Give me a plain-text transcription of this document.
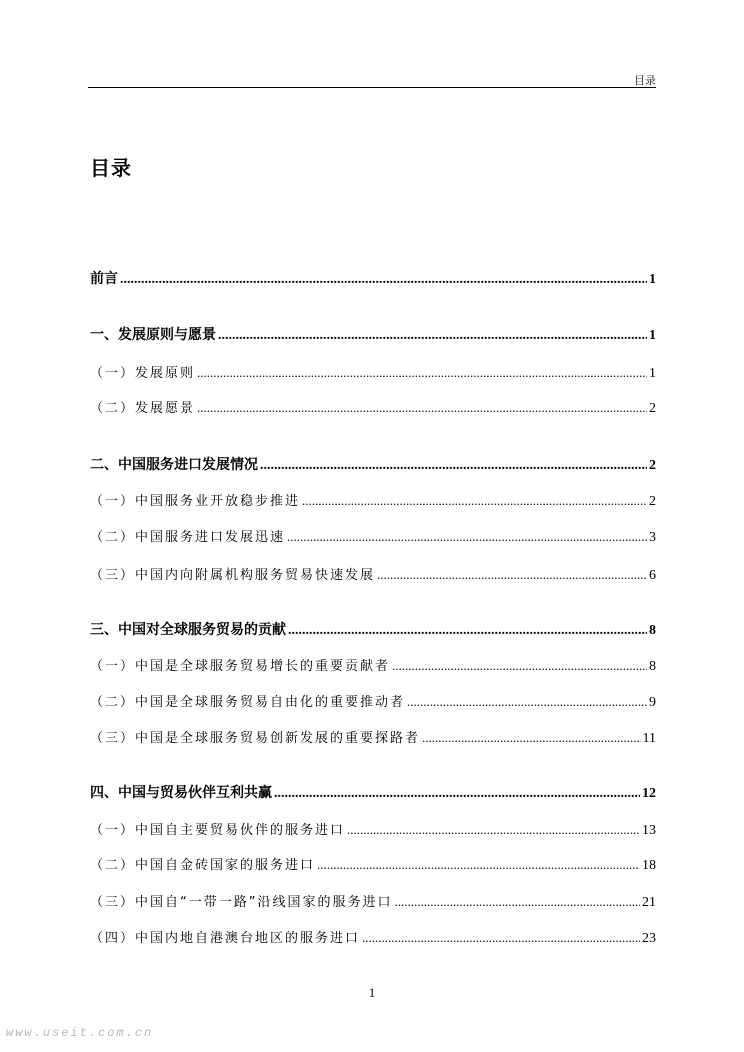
目录
目录
前言 .....	1
一、发展原则与愿景 .....	1
（一）发展原则 .....	1
（二）发展愿景 .....	2
二、中国服务进口发展情况 .....	2
（一）中国服务业开放稳步推进 .....	2
（二）中国服务进口发展迅速 .....	3
（三）中国内向附属机构服务贸易快速发展 .....	6
三、中国对全球服务贸易的贡献 .....	8
（一）中国是全球服务贸易增长的重要贡献者 .....	8
（二）中国是全球服务贸易自由化的重要推动者 .....	9
（三）中国是全球服务贸易创新发展的重要探路者 .....	11
四、中国与贸易伙伴互利共赢 .....	12
（一）中国自主要贸易伙伴的服务进口 .....	13
（二）中国自金砖国家的服务进口 .....	18
（三）中国自“一带一路”沿线国家的服务进口 .....	21
（四）中国内地自港澳台地区的服务进口 .....	23
1
www.useit.com.cn
